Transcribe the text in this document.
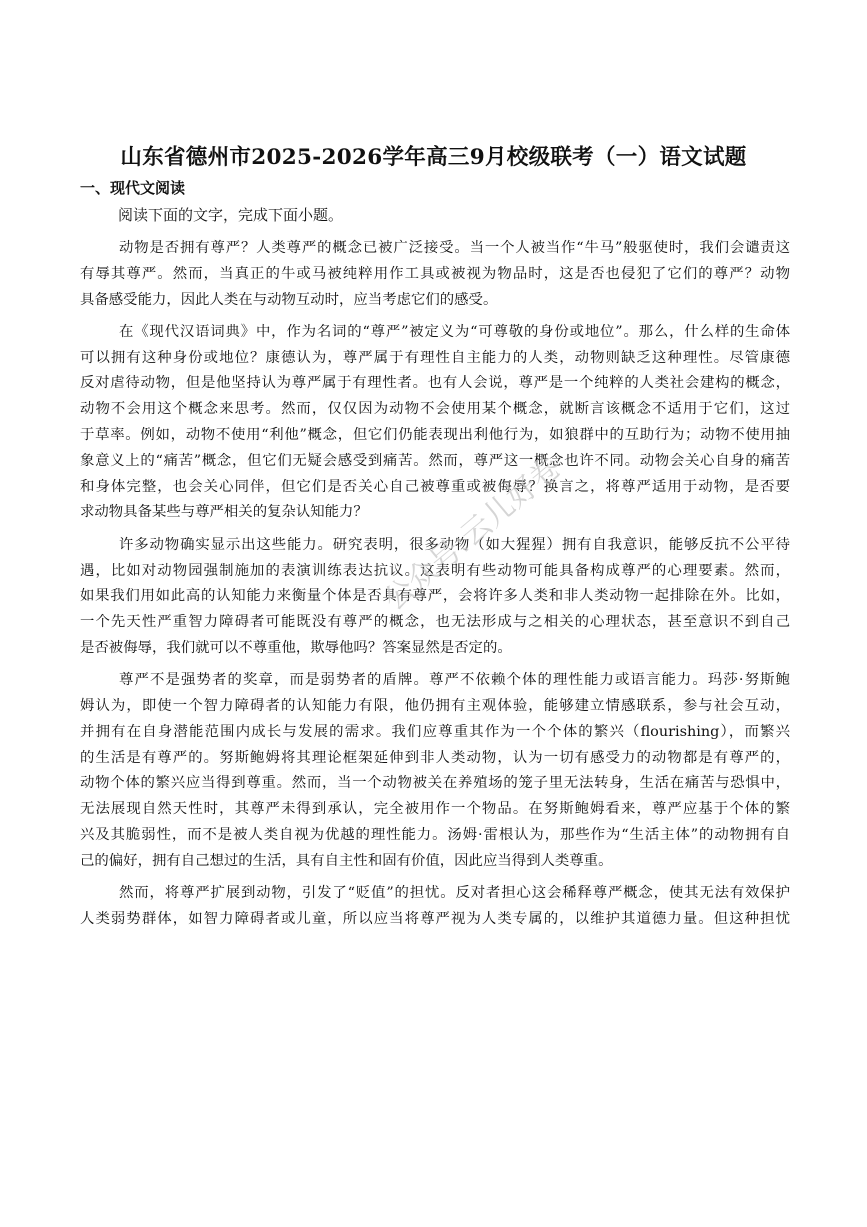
山东省德州市2025-2026学年高三9月校级联考（一）语文试题
一、现代文阅读
阅读下面的文字，完成下面小题。
动物是否拥有尊严？人类尊严的概念已被广泛接受。当一个人被当作“牛马”般驱使时，我们会谴责这
有辱其尊严。然而，当真正的牛或马被纯粹用作工具或被视为物品时，这是否也侵犯了它们的尊严？动物
具备感受能力，因此人类在与动物互动时，应当考虑它们的感受。
在《现代汉语词典》中，作为名词的“尊严”被定义为“可尊敬的身份或地位”。那么，什么样的生命体
可以拥有这种身份或地位？康德认为，尊严属于有理性自主能力的人类，动物则缺乏这种理性。尽管康德
反对虐待动物，但是他坚持认为尊严属于有理性者。也有人会说，尊严是一个纯粹的人类社会建构的概念，
动物不会用这个概念来思考。然而，仅仅因为动物不会使用某个概念，就断言该概念不适用于它们，这过
于草率。例如，动物不使用“利他”概念，但它们仍能表现出利他行为，如狼群中的互助行为；动物不使用抽
象意义上的“痛苦”概念，但它们无疑会感受到痛苦。然而，尊严这一概念也许不同。动物会关心自身的痛苦
和身体完整，也会关心同伴，但它们是否关心自己被尊重或被侮辱？换言之，将尊严适用于动物，是否要
求动物具备某些与尊严相关的复杂认知能力？
许多动物确实显示出这些能力。研究表明，很多动物（如大猩猩）拥有自我意识，能够反抗不公平待
遇，比如对动物园强制施加的表演训练表达抗议。这表明有些动物可能具备构成尊严的心理要素。然而，
如果我们用如此高的认知能力来衡量个体是否具有尊严，会将许多人类和非人类动物一起排除在外。比如，
一个先天性严重智力障碍者可能既没有尊严的概念，也无法形成与之相关的心理状态，甚至意识不到自己
是否被侮辱，我们就可以不尊重他，欺辱他吗？答案显然是否定的。
尊严不是强势者的奖章，而是弱势者的盾牌。尊严不依赖个体的理性能力或语言能力。玛莎·努斯鲍
姆认为，即使一个智力障碍者的认知能力有限，他仍拥有主观体验，能够建立情感联系，参与社会互动，
并拥有在自身潜能范围内成长与发展的需求。我们应尊重其作为一个个体的繁兴（flourishing），而繁兴
的生活是有尊严的。努斯鲍姆将其理论框架延伸到非人类动物，认为一切有感受力的动物都是有尊严的，
动物个体的繁兴应当得到尊重。然而，当一个动物被关在养殖场的笼子里无法转身，生活在痛苦与恐惧中，
无法展现自然天性时，其尊严未得到承认，完全被用作一个物品。在努斯鲍姆看来，尊严应基于个体的繁
兴及其脆弱性，而不是被人类自视为优越的理性能力。汤姆·雷根认为，那些作为“生活主体”的动物拥有自
己的偏好，拥有自己想过的生活，具有自主性和固有价值，因此应当得到人类尊重。
然而，将尊严扩展到动物，引发了“贬值”的担忧。反对者担心这会稀释尊严概念，使其无法有效保护
人类弱势群体，如智力障碍者或儿童，所以应当将尊严视为人类专属的，以维护其道德力量。但这种担忧
公众号:云儿好卷
